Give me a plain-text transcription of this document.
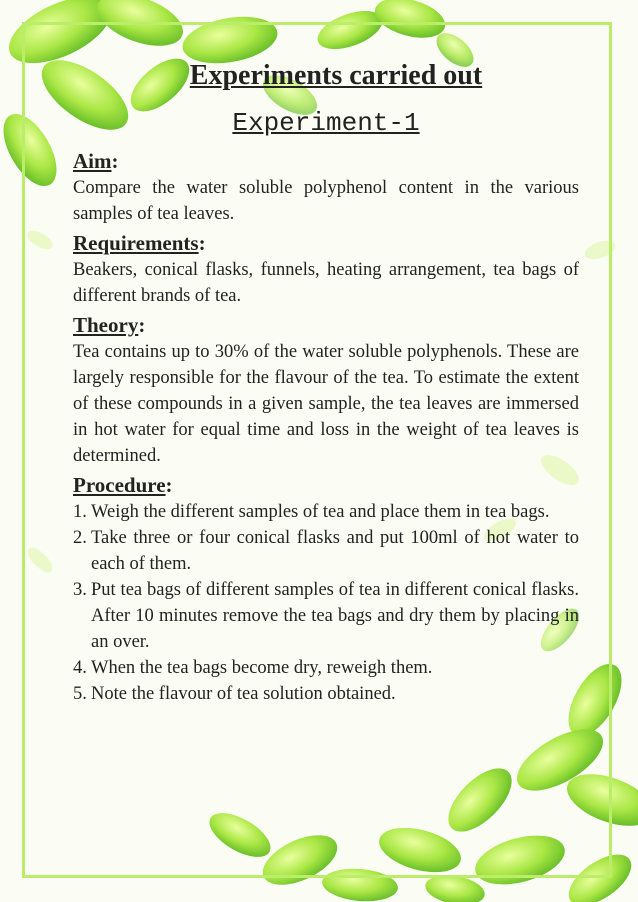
Experiments carried out
Experiment-1
Aim:
Compare the water soluble polyphenol content in the various samples of tea leaves.
Requirements:
Beakers, conical flasks, funnels, heating arrangement, tea bags of different brands of tea.
Theory:
Tea contains up to 30% of the water soluble polyphenols. These are largely responsible for the flavour of the tea. To estimate the extent of these compounds in a given sample, the tea leaves are immersed in hot water for equal time and loss in the weight of tea leaves is determined.
Procedure:
1. Weigh the different samples of tea and place them in tea bags.
2. Take three or four conical flasks and put 100ml of hot water to each of them.
3. Put tea bags of different samples of tea in different conical flasks. After 10 minutes remove the tea bags and dry them by placing in an over.
4. When the tea bags become dry, reweigh them.
5. Note the flavour of tea solution obtained.
